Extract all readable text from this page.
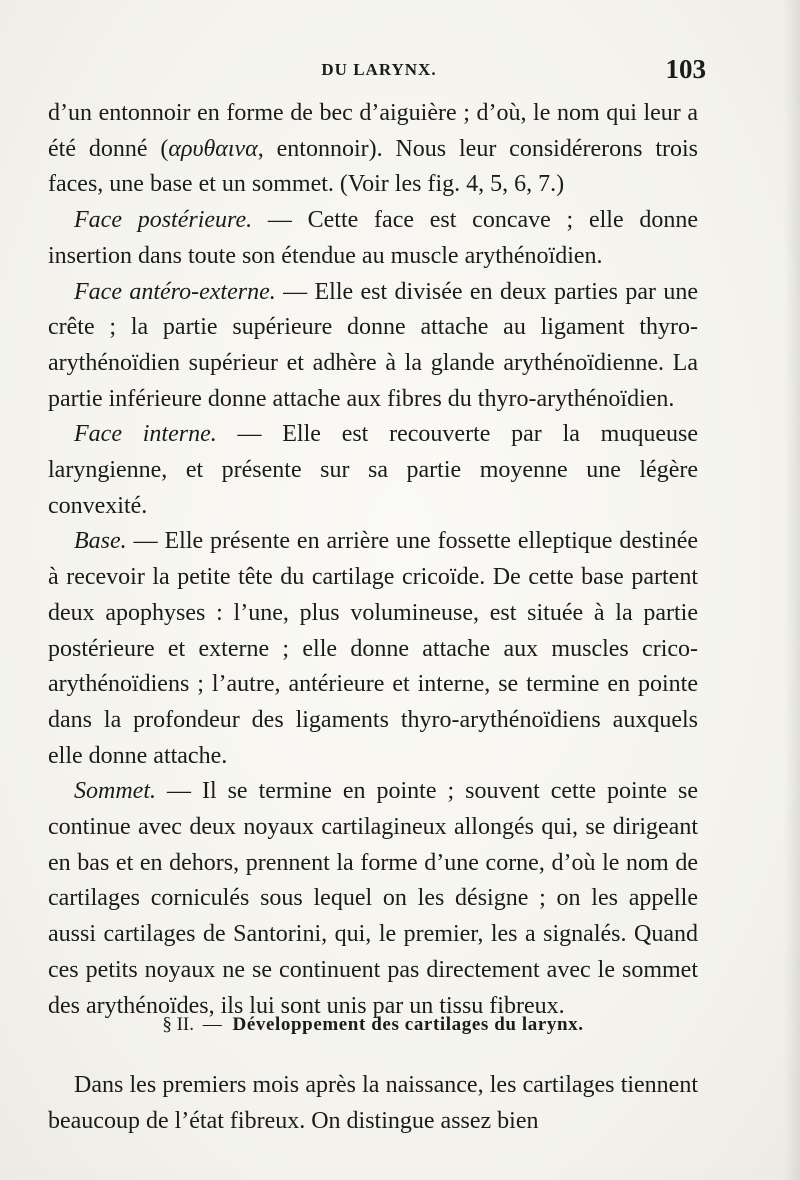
DU LARYNX.	103

d’un entonnoir en forme de bec d’aiguière ; d’où, le nom qui leur a été donné (αρυθαινα, entonnoir). Nous leur considérerons trois faces, une base et un sommet. (Voir les fig. 4, 5, 6, 7.)

Face postérieure. — Cette face est concave ; elle donne insertion dans toute son étendue au muscle arythénoïdien.

Face antéro-externe. — Elle est divisée en deux parties par une crête ; la partie supérieure donne attache au ligament thyro-arythénoïdien supérieur et adhère à la glande arythénoïdienne. La partie inférieure donne attache aux fibres du thyro-arythénoïdien.

Face interne. — Elle est recouverte par la muqueuse laryngienne, et présente sur sa partie moyenne une légère convexité.

Base. — Elle présente en arrière une fossette elleptique destinée à recevoir la petite tête du cartilage cricoïde. De cette base partent deux apophyses : l’une, plus volumineuse, est située à la partie postérieure et externe ; elle donne attache aux muscles crico-arythénoïdiens ; l’autre, antérieure et interne, se termine en pointe dans la profondeur des ligaments thyro-arythénoïdiens auxquels elle donne attache.

Sommet. — Il se termine en pointe ; souvent cette pointe se continue avec deux noyaux cartilagineux allongés qui, se dirigeant en bas et en dehors, prennent la forme d’une corne, d’où le nom de cartilages corniculés sous lequel on les désigne ; on les appelle aussi cartilages de Santorini, qui, le premier, les a signalés. Quand ces petits noyaux ne se continuent pas directement avec le sommet des arythénoïdes, ils lui sont unis par un tissu fibreux.

§ II. — Développement des cartilages du larynx.

Dans les premiers mois après la naissance, les cartilages tiennent beaucoup de l’état fibreux. On distingue assez bien
